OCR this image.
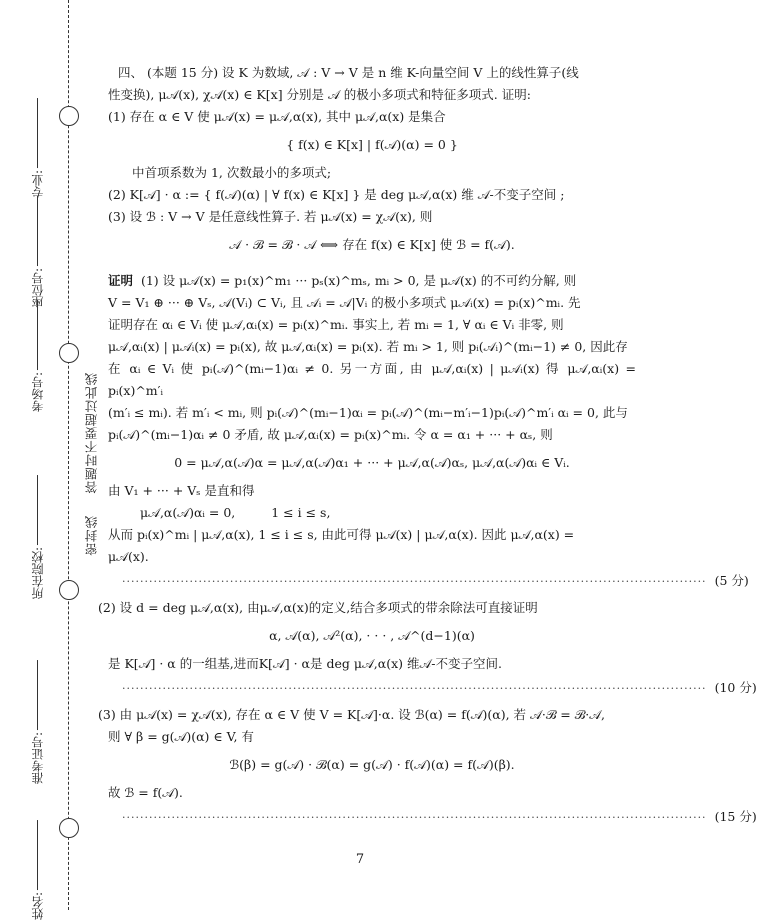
专业:
座位号:
考场号:
所在院校:
准考证号:
姓名:
答题时不要超过此线
密封线

四、 (本题 15 分) 设 K 为数域, 𝒜 : V → V 是 n 维 K-向量空间 V 上的线性算子(线

性变换), μ𝒜(x), χ𝒜(x) ∈ K[x] 分别是 𝒜 的极小多项式和特征多项式. 证明:

(1) 存在 α ∈ V 使 μ𝒜(x) = μ𝒜,α(x), 其中 μ𝒜,α(x) 是集合

{ f(x) ∈ K[x] | f(𝒜)(α) = 0 }

中首项系数为 1, 次数最小的多项式;

(2) K[𝒜] · α := { f(𝒜)(α) | ∀ f(x) ∈ K[x] } 是 deg μ𝒜,α(x) 维 𝒜-不变子空间 ;

(3) 设 ℬ : V → V 是任意线性算子. 若 μ𝒜(x) = χ𝒜(x), 则

𝒜 · ℬ = ℬ · 𝒜 ⟺ 存在 f(x) ∈ K[x] 使 ℬ = f(𝒜).

证明 (1) 设 μ𝒜(x) = p₁(x)^m₁ ··· pₛ(x)^mₛ, mᵢ > 0, 是 μ𝒜(x) 的不可约分解, 则

V = V₁ ⊕ ··· ⊕ Vₛ, 𝒜(Vᵢ) ⊂ Vᵢ, 且 𝒜ᵢ = 𝒜|Vᵢ 的极小多项式 μ𝒜ᵢ(x) = pᵢ(x)^mᵢ. 先

证明存在 αᵢ ∈ Vᵢ 使 μ𝒜,αᵢ(x) = pᵢ(x)^mᵢ. 事实上, 若 mᵢ = 1, ∀ αᵢ ∈ Vᵢ 非零, 则

μ𝒜,αᵢ(x) | μ𝒜ᵢ(x) = pᵢ(x), 故 μ𝒜,αᵢ(x) = pᵢ(x). 若 mᵢ > 1, 则 pᵢ(𝒜ᵢ)^(mᵢ−1) ≠ 0, 因此存

在 αᵢ ∈ Vᵢ 使 pᵢ(𝒜)^(mᵢ−1)αᵢ ≠ 0. 另一方面, 由 μ𝒜,αᵢ(x) | μ𝒜ᵢ(x) 得 μ𝒜,αᵢ(x) = pᵢ(x)^m′ᵢ

(m′ᵢ ≤ mᵢ). 若 m′ᵢ < mᵢ, 则 pᵢ(𝒜)^(mᵢ−1)αᵢ = pᵢ(𝒜)^(mᵢ−m′ᵢ−1)pᵢ(𝒜)^m′ᵢ αᵢ = 0, 此与

pᵢ(𝒜)^(mᵢ−1)αᵢ ≠ 0 矛盾, 故 μ𝒜,αᵢ(x) = pᵢ(x)^mᵢ. 令 α = α₁ + ··· + αₛ, 则

0 = μ𝒜,α(𝒜)α = μ𝒜,α(𝒜)α₁ + ··· + μ𝒜,α(𝒜)αₛ, μ𝒜,α(𝒜)αᵢ ∈ Vᵢ.

由 V₁ + ··· + Vₛ 是直和得

μ𝒜,α(𝒜)αᵢ = 0,	1 ≤ i ≤ s,

从而 pᵢ(x)^mᵢ | μ𝒜,α(x), 1 ≤ i ≤ s, 由此可得 μ𝒜(x) | μ𝒜,α(x). 因此 μ𝒜,α(x) =

μ𝒜(x).

·································································································································· (5 分)

(2) 设 d = deg μ𝒜,α(x), 由μ𝒜,α(x)的定义,结合多项式的带余除法可直接证明

α, 𝒜(α), 𝒜²(α), · · · , 𝒜^(d−1)(α)

是 K[𝒜] · α 的一组基,进而K[𝒜] · α是 deg μ𝒜,α(x) 维𝒜-不变子空间.

·································································································································· (10 分)

(3) 由 μ𝒜(x) = χ𝒜(x), 存在 α ∈ V 使 V = K[𝒜]·α. 设 ℬ(α) = f(𝒜)(α), 若 𝒜·ℬ = ℬ·𝒜,

则 ∀ β = g(𝒜)(α) ∈ V, 有

ℬ(β) = g(𝒜) · ℬ(α) = g(𝒜) · f(𝒜)(α) = f(𝒜)(β).

故 ℬ = f(𝒜).

·································································································································· (15 分)
7
